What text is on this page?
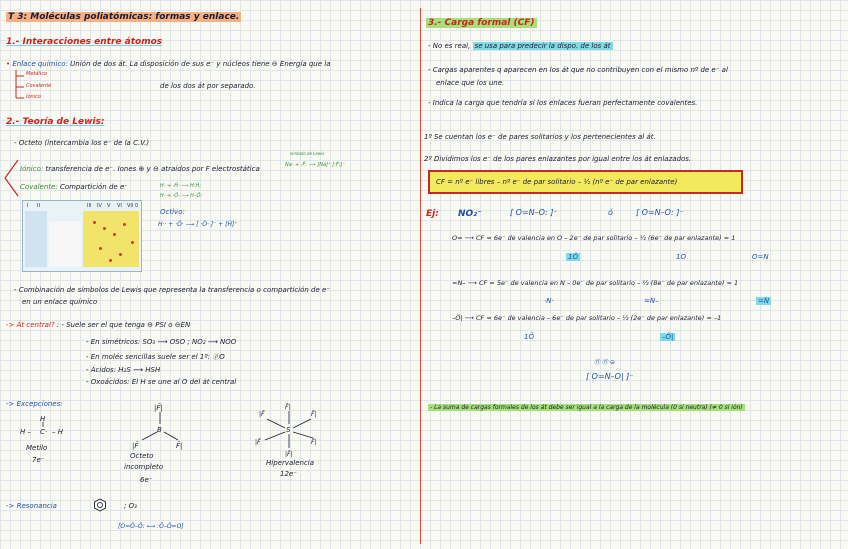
T 3: Moléculas poliatómicas: formas y enlace.
1.- Interacciones entre átomos
• Enlace químico: Unión de dos át. La disposición de sus e⁻ y núcleos tiene ⊖ Energía que la
de los dos át por separado.
Metálico
Covalente
Iónico
2.- Teoría de Lewis:
- Octeto (intercambia los e⁻ de la C.V.)
Iónico: transferencia de e⁻. Iones ⊕ y ⊖ atraídos por F electrostática
símbolo de Lewis
Na· + ·F̈: ⟶ [Na]⁺ [:F̈:]⁻
Covalente: Compartición de e⁻	H· + ·Ḧ· ⟶ H:Ḧ:
H· + ·Ö· ⟶ H–Ö:
I II	III IV V VI VII 0
Octivo:
H·· + ·Ö· ⟶ [ ·Ö· ]⁻ + [Ḧ]⁺
- Combinación de símbolos de Lewis que representa la transferencia o compartición de e⁻
en un enlace químico
-> Át central? : - Suele ser el que tenga ⊖ PSI o ⊖EN
- En simétricos: SO₃ ⟶ OSO ; NO₂ ⟶ NOO
- En moléc sencillas suele ser el 1º: ⓟO
- Ácidos: H₂S ⟶ HSH
- Oxoácidos: El H se une al O del át central
-> Excepciones:
H
H – C· – H
Metilo
7e⁻
|F̄|
B
|F̄	F̄|
Octeto
incompleto
6e⁻
F̄|
|F̄	F̄|
S
|F̄	F̄|
|F̄|
Hipervalencia
12e⁻
-> Resonancia	; O₃
[O=Ö–Ö: ⟷ :Ö–Ö=O]
3.- Carga formal (CF)
- No es real, se usa para predecir la dispo. de los át
- Cargas aparentes q aparecen en los át que no contribuyen con el mismo nº de e⁻ al
enlace que los une.
- Indica la carga que tendría si los enlaces fueran perfectamente covalentes.
1º Se cuentan los e⁻ de pares solitarios y los pertenecientes al át.
2º Dividimos los e⁻ de los pares enlazantes por igual entre los át enlazados.
CF = nº e⁻ libres – nº e⁻ de par solitario – ½ (nº e⁻ de par enlazante)
Ej: NO₂⁻	[ O=N–O: ]⁻	ó	[ O=N–O: ]⁻
O= ⟶ CF = 6e⁻ de valencia en O – 2e⁻ de par solitario – ½ (6e⁻ de par enlazante) = 1
1Ö	1O	O=N
=N– ⟶ CF = 5e⁻ de valencia en N – 0e⁻ de par solitario – ½ (8e⁻ de par enlazante) = 1
·N·	=N–	=N
–Ö| ⟶ CF = 6e⁻ de valencia – 6e⁻ de par solitario – ½ (2e⁻ de par enlazante) = –1
1Ö	–Ö|
⓪ ⓪ ⊖
[ O=N–O| ]⁻
- La suma de cargas formales de los át debe ser igual a la carga de la molécula (0 si neutra) (≠ 0 si ión)
